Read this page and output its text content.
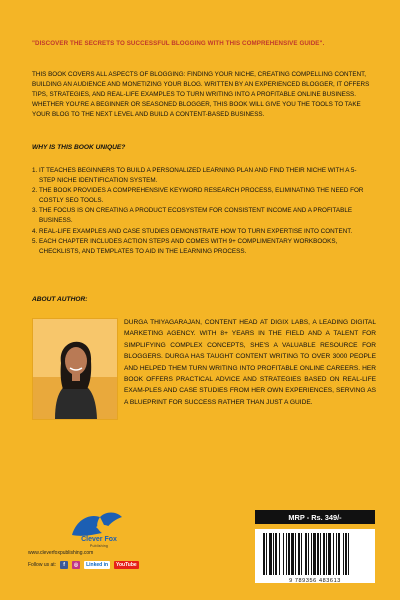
"DISCOVER THE SECRETS TO SUCCESSFUL BLOGGING WITH THIS COMPREHENSIVE GUIDE".
THIS BOOK COVERS ALL ASPECTS OF BLOGGING: FINDING YOUR NICHE, CREATING COMPELLING CONTENT, BUILDING AN AUDIENCE AND MONETIZING YOUR BLOG. WRITTEN BY AN EXPERIENCED BLOGGER, IT OFFERS TIPS, STRATEGIES, AND REAL-LIFE EXAMPLES TO TURN WRITING INTO A PROFITABLE ONLINE BUSINESS. WHETHER YOU'RE A BEGINNER OR SEASONED BLOGGER, THIS BOOK WILL GIVE YOU THE TOOLS TO TAKE YOUR BLOG TO THE NEXT LEVEL AND BUILD A CONTENT-BASED BUSINESS.
WHY IS THIS BOOK UNIQUE?
1. IT TEACHES BEGINNERS TO BUILD A PERSONALIZED LEARNING PLAN AND FIND THEIR NICHE WITH A 5-STEP NICHE IDENTIFICATION SYSTEM.
2. THE BOOK PROVIDES A COMPREHENSIVE KEYWORD RESEARCH PROCESS, ELIMINATING THE NEED FOR COSTLY SEO TOOLS.
3. THE FOCUS IS ON CREATING A PRODUCT ECOSYSTEM FOR CONSISTENT INCOME AND A PROFITABLE BUSINESS.
4. REAL-LIFE EXAMPLES AND CASE STUDIES DEMONSTRATE HOW TO TURN EXPERTISE INTO CONTENT.
5. EACH CHAPTER INCLUDES ACTION STEPS AND COMES WITH 9+ COMPLIMENTARY WORKBOOKS, CHECKLISTS, AND TEMPLATES TO AID IN THE LEARNING PROCESS.
ABOUT AUTHOR:
DURGA THIYAGARAJAN, CONTENT HEAD AT DIGIX LABS, A LEADING DIGITAL MARKETING AGENCY. WITH 8+ YEARS IN THE FIELD AND A TALENT FOR SIMPLIFYING COMPLEX CONCEPTS, SHE'S A VALUABLE RESOURCE FOR BLOGGERS. DURGA HAS TAUGHT CONTENT WRITING TO OVER 3000 PEOPLE AND HELPED THEM TURN WRITING INTO PROFITABLE ONLINE CAREERS. HER BOOK OFFERS PRACTICAL ADVICE AND STRATEGIES BASED ON REAL-LIFE EXAM-PLES AND CASE STUDIES FROM HER OWN EXPERIENCES, SERVING AS A BLUEPRINT FOR SUCCESS RATHER THAN JUST A GUIDE.
Clever Fox
Publishing
www.cleverfoxpublishing.com
Follow us at:	f	◎	Linked in	YouTube
MRP - Rs. 349/-
9 789356 483613
